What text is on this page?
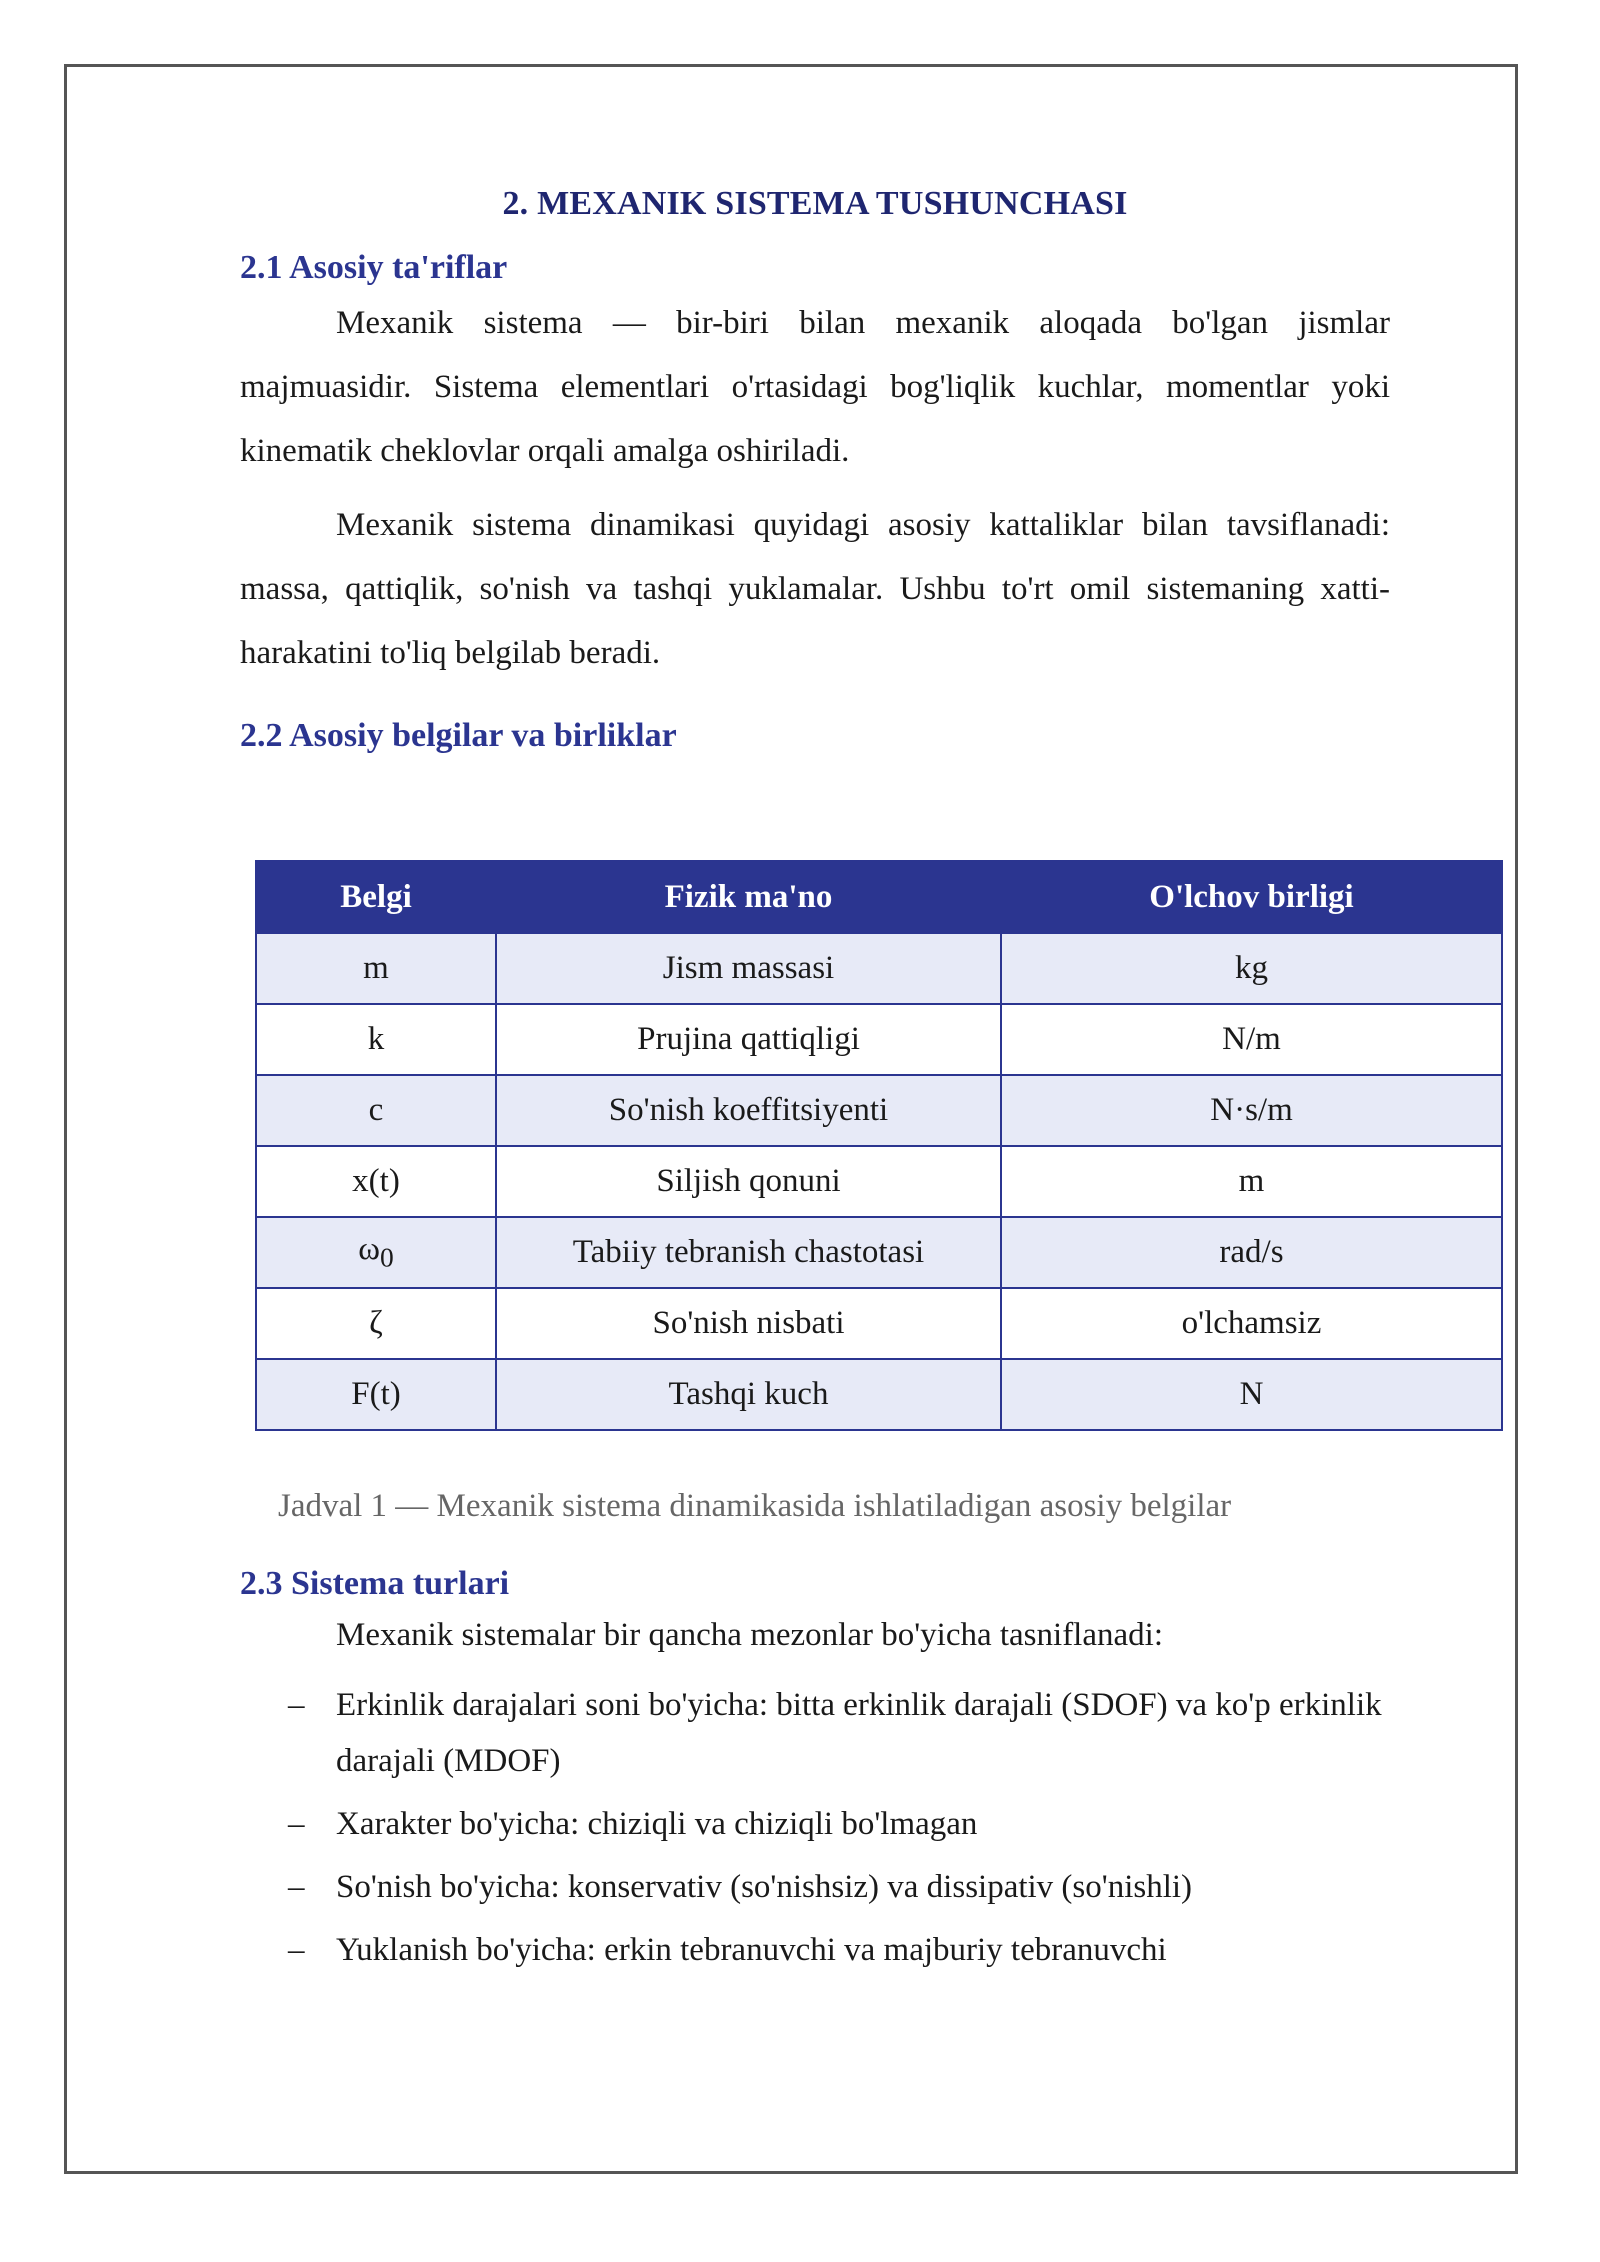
2. MEXANIK SISTEMA TUSHUNCHASI
2.1 Asosiy ta'riflar

Mexanik sistema — bir-biri bilan mexanik aloqada bo'lgan jismlar majmuasidir. Sistema elementlari o'rtasidagi bog'liqlik kuchlar, momentlar yoki kinematik cheklovlar orqali amalga oshiriladi.

Mexanik sistema dinamikasi quyidagi asosiy kattaliklar bilan tavsiflanadi: massa, qattiqlik, so'nish va tashqi yuklamalar. Ushbu to'rt omil sistemaning xatti-harakatini to'liq belgilab beradi.

2.2 Asosiy belgilar va birliklar
Belgi	Fizik ma'no	O'lchov birligi
m	Jism massasi	kg
k	Prujina qattiqligi	N/m
c	So'nish koeffitsiyenti	N·s/m
x(t)	Siljish qonuni	m
$\omega_0$	Tabiiy tebranish chastotasi	rad/s
ζ	So'nish nisbati	o'lchamsiz
F(t)	Tashqi kuch	N
Jadval 1 — Mexanik sistema dinamikasida ishlatiladigan asosiy belgilar
2.3 Sistema turlari

Mexanik sistemalar bir qancha mezonlar bo'yicha tasniflanadi:

– Erkinlik darajalari soni bo'yicha: bitta erkinlik darajali (SDOF) va ko'p erkinlik darajali (MDOF)
– Xarakter bo'yicha: chiziqli va chiziqli bo'lmagan
– So'nish bo'yicha: konservativ (so'nishsiz) va dissipativ (so'nishli)
– Yuklanish bo'yicha: erkin tebranuvchi va majburiy tebranuvchi
